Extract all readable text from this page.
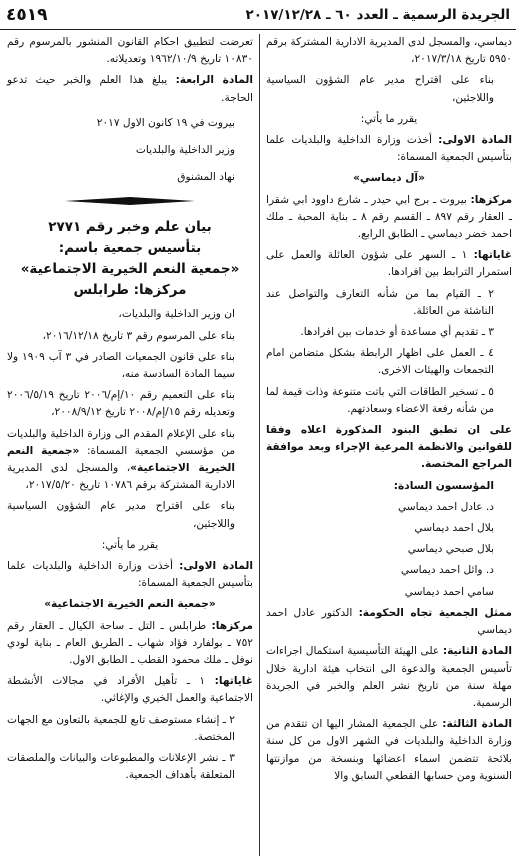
الجريدة الرسمية ـ العدد ٦٠ ـ ٢٠١٧/١٢/٢٨
٤٥١٩

ديماسي، والمسجل لدى المديرية الادارية المشتركة برقم ٥٩٥٠ تاريخ ٢٠١٧/٣/١٨،

بناء على اقتراح مدير عام الشؤون السياسية واللاجئين،

يقرر ما يأتي:

المادة الاولى: أخذت وزارة الداخلية والبلديات علما بتأسيس الجمعية المسماة:

«آل ديماسي»

مركزها: بيروت ـ برج ابي حيدر ـ شارع داوود ابي شقرا ـ العقار رقم ٨٩٧ ـ القسم رقم ٨ ـ بناية المحبة ـ ملك احمد خضر ديماسي ـ الطابق الرابع.

غاياتها: ١ ـ السهر على شؤون العائلة والعمل على استمرار الترابط بين افرادها.

٢ ـ القيام بما من شأنه التعارف والتواصل عند الناشئة من العائلة.

٣ ـ تقديم أي مساعدة أو خدمات بين افرادها.

٤ ـ العمل على اظهار الرابطة بشكل متضامن امام التجمعات والهيئات الاخرى.

٥ ـ تسخير الطاقات التي باتت متنوعة وذات قيمة لما من شأنه رفعة الاعضاء وسعادتهم.

على ان تطبق البنود المذكورة اعلاه وفقا للقوانين والانظمة المرعية الإجراء وبعد موافقة المراجع المختصة.

المؤسسون السادة:

د. عادل احمد ديماسي

بلال احمد ديماسي

بلال صبحي ديماسي

د. وائل احمد ديماسي

سامي احمد ديماسي

ممثل الجمعية تجاه الحكومة: الدكتور عادل احمد ديماسي

المادة الثانية: على الهيئة التأسيسية استكمال اجراءات تأسيس الجمعية والدعوة الى انتخاب هيئة ادارية خلال مهلة سنة من تاريخ نشر العلم والخبر في الجريدة الرسمية.

المادة الثالثة: على الجمعية المشار اليها ان تتقدم من وزارة الداخلية والبلديات في الشهر الاول من كل سنة بلائحة تتضمن اسماء اعضائها وبنسخة من موازنتها السنوية ومن حسابها القطعي السابق والا

تعرضت لتطبيق احكام القانون المنشور بالمرسوم رقم ١٠٨٣٠ تاريخ ١٩٦٢/١٠/٩ وتعديلاته.

المادة الرابعة: يبلغ هذا العلم والخبر حيث تدعو الحاجة.

بيروت في ١٩ كانون الاول ٢٠١٧

وزير الداخلية والبلديات

نهاد المشنوق

بيان علم وخبر رقم ٢٧٧١

بتأسيس جمعية باسم:

«جمعية النعم الخيرية الاجتماعية»

مركزها: طرابلس

ان وزير الداخلية والبلديات،

بناء على المرسوم رقم ٣ تاريخ ٢٠١٦/١٢/١٨،

بناء على قانون الجمعيات الصادر في ٣ آب ١٩٠٩ ولا سيما المادة السادسة منه،

بناء على التعميم رقم ١٠/إم/٢٠٠٦ تاريخ ٢٠٠٦/٥/١٩ وتعديله رقم ١٥/إم/٢٠٠٨ تاريخ ٢٠٠٨/٩/١٢،

بناء على الإعلام المقدم الى وزارة الداخلية والبلديات من مؤسسي الجمعية المسماة: «جمعية النعم الخيرية الاجتماعية»، والمسجل لدى المديرية الادارية المشتركة برقم ١٠٧٨٦ تاريخ ٢٠١٧/٥/٢٠،

بناء على اقتراح مدير عام الشؤون السياسية واللاجئين،

يقرر ما يأتي:

المادة الاولى: أخذت وزارة الداخلية والبلديات علما بتأسيس الجمعية المسماة:

«جمعية النعم الخيرية الاجتماعية»

مركزها: طرابلس ـ التل ـ ساحة الكيال ـ العقار رقم ٧٥٢ ـ بولفارد فؤاد شهاب ـ الطريق العام ـ بناية لودي نوفل ـ ملك محمود القطب ـ الطابق الاول.

غاياتها: ١ ـ تأهيل الأفراد في مجالات الأنشطة الاجتماعية والعمل الخيري والإغاثي.

٢ ـ إنشاء مستوصف تابع للجمعية بالتعاون مع الجهات المختصة.

٣ ـ نشر الإعلانات والمطبوعات والبيانات والملصقات المتعلقة بأهداف الجمعية.
